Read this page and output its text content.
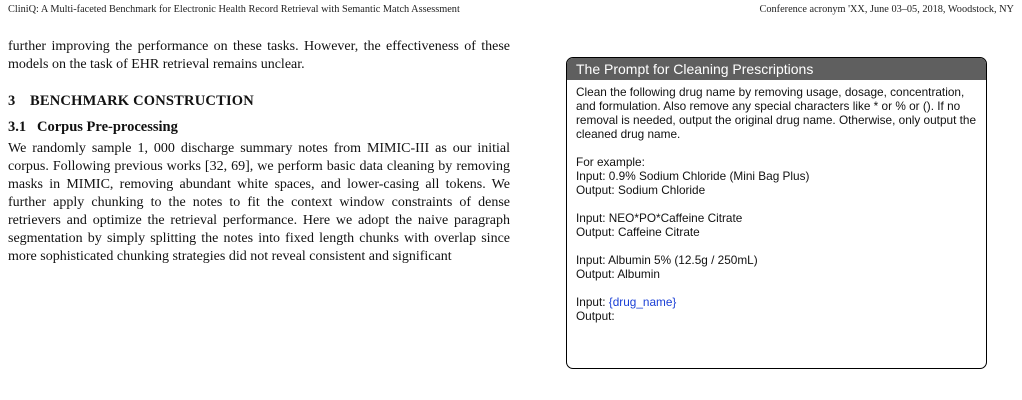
CliniQ: A Multi-faceted Benchmark for Electronic Health Record Retrieval with Semantic Match Assessment	Conference acronym 'XX, June 03–05, 2018, Woodstock, NY

further improving the performance on these tasks. However, the effectiveness of these models on the task of EHR retrieval remains unclear.

3 BENCHMARK CONSTRUCTION
3.1 Corpus Pre-processing

We randomly sample 1, 000 discharge summary notes from MIMIC-III as our initial corpus. Following previous works [32, 69], we perform basic data cleaning by removing masks in MIMIC, removing abundant white spaces, and lower-casing all tokens. We further apply chunking to the notes to fit the context window constraints of dense retrievers and optimize the retrieval performance. Here we adopt the naive paragraph segmentation by simply splitting the notes into fixed length chunks with overlap since more sophisticated chunking strategies did not reveal consistent and significant

The Prompt for Cleaning Prescriptions

Clean the following drug name by removing usage, dosage, concentration, and formulation. Also remove any special characters like * or % or (). If no removal is needed, output the original drug name. Otherwise, only output the cleaned drug name.

For example:

Input: 0.9% Sodium Chloride (Mini Bag Plus)

Output: Sodium Chloride

Input: NEO*PO*Caffeine Citrate

Output: Caffeine Citrate

Input: Albumin 5% (12.5g / 250mL)

Output: Albumin

Input: {drug_name}

Output:
